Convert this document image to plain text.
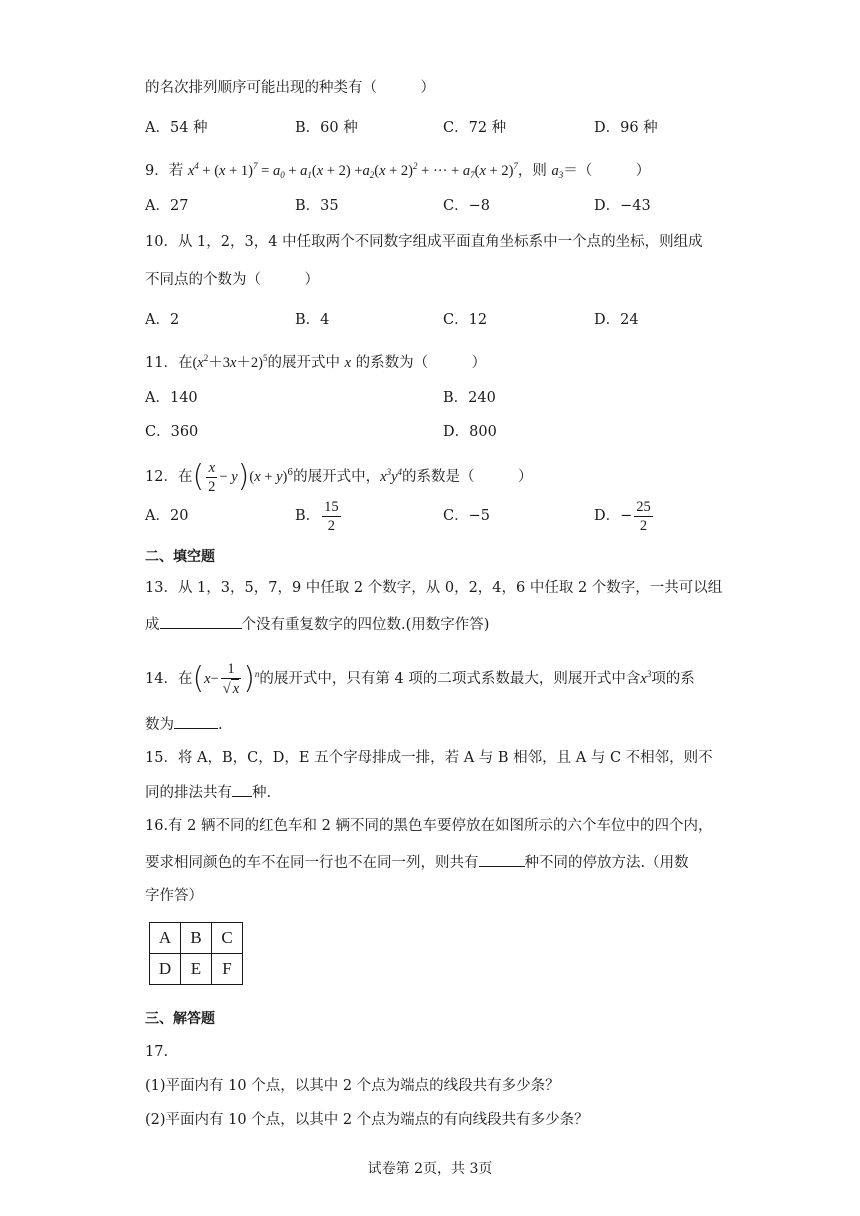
的名次排列顺序可能出现的种类有（　　　）
A．54 种	B．60 种	C．72 种	D．96 种
9．若 $x^4 + (x + 1)^7 = a_0 + a_1(x + 2) +a_2(x + 2)^2$ + ··· + $a_7(x + 2)^7$，则 $a_3=$（　　　）
A．27	B．35	C．−8	D．−43
10．从 1，2，3，4 中任取两个不同数字组成平面直角坐标系中一个点的坐标，则组成
不同点的个数为（　　　）
A．2	B．4	C．12	D．24
11．在$(x^2+3x+2)^5$的展开式中 x 的系数为（　　　）
A．140	B．240
C．360	D．800
12．在( $\frac{x}{2} - y)(x + y)^6$的展开式中，$x^3y^4$的系数是（　　　）
A．20	B． $\frac{15}{2}$	C．−5	D．− $\frac{25}{2}$
二、填空题
13．从 1，3，5，7，9 中任取 2 个数字，从 0，2，4，6 中任取 2 个数字，一共可以组
成	个没有重复数字的四位数.(用数字作答)
14．在$(x- \frac{1}{√ x} )^n$的展开式中，只有第 4 项的二项式系数最大，则展开式中含$x^3$项的系
数为	.
15．将 A，B，C，D，E 五个字母排成一排，若 A 与 B 相邻，且 A 与 C 不相邻，则不
同的排法共有 种.
16.有 2 辆不同的红色车和 2 辆不同的黑色车要停放在如图所示的六个车位中的四个内，
要求相同颜色的车不在同一行也不在同一列，则共有	种不同的停放方法.（用数
字作答）
A	B	C
D	E	F
三、解答题
17.
(1)平面内有 10 个点，以其中 2 个点为端点的线段共有多少条？
(2)平面内有 10 个点，以其中 2 个点为端点的有向线段共有多少条？
试卷第 2页，共 3页
